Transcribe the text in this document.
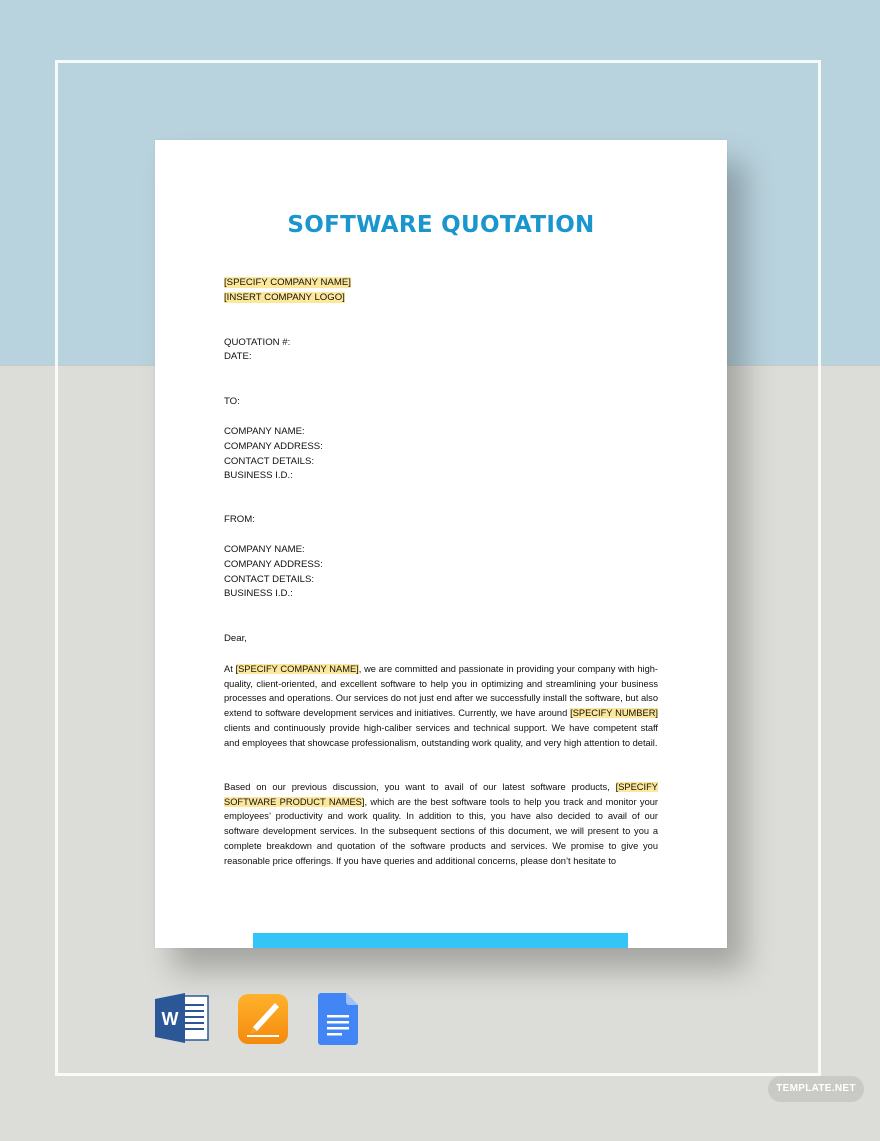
SOFTWARE QUOTATION
[SPECIFY COMPANY NAME]
[INSERT COMPANY LOGO]
QUOTATION #:
DATE:
TO:
COMPANY NAME:
COMPANY ADDRESS:
CONTACT DETAILS:
BUSINESS I.D.:
FROM:
COMPANY NAME:
COMPANY ADDRESS:
CONTACT DETAILS:
BUSINESS I.D.:
Dear,
At [SPECIFY COMPANY NAME], we are committed and passionate in providing your company with high-quality, client-oriented, and excellent software to help you in optimizing and streamlining your business processes and operations. Our services do not just end after we successfully install the software, but also extend to software development services and initiatives. Currently, we have around [SPECIFY NUMBER] clients and continuously provide high-caliber services and technical support. We have competent staff and employees that showcase professionalism, outstanding work quality, and very high attention to detail.
Based on our previous discussion, you want to avail of our latest software products, [SPECIFY SOFTWARE PRODUCT NAMES], which are the best software tools to help you track and monitor your employees’ productivity and work quality. In addition to this, you have also decided to avail of our software development services. In the subsequent sections of this document, we will present to you a complete breakdown and quotation of the software products and services. We promise to give you reasonable price offerings. If you have queries and additional concerns, please don’t hesitate to
W
TEMPLATE.NET
